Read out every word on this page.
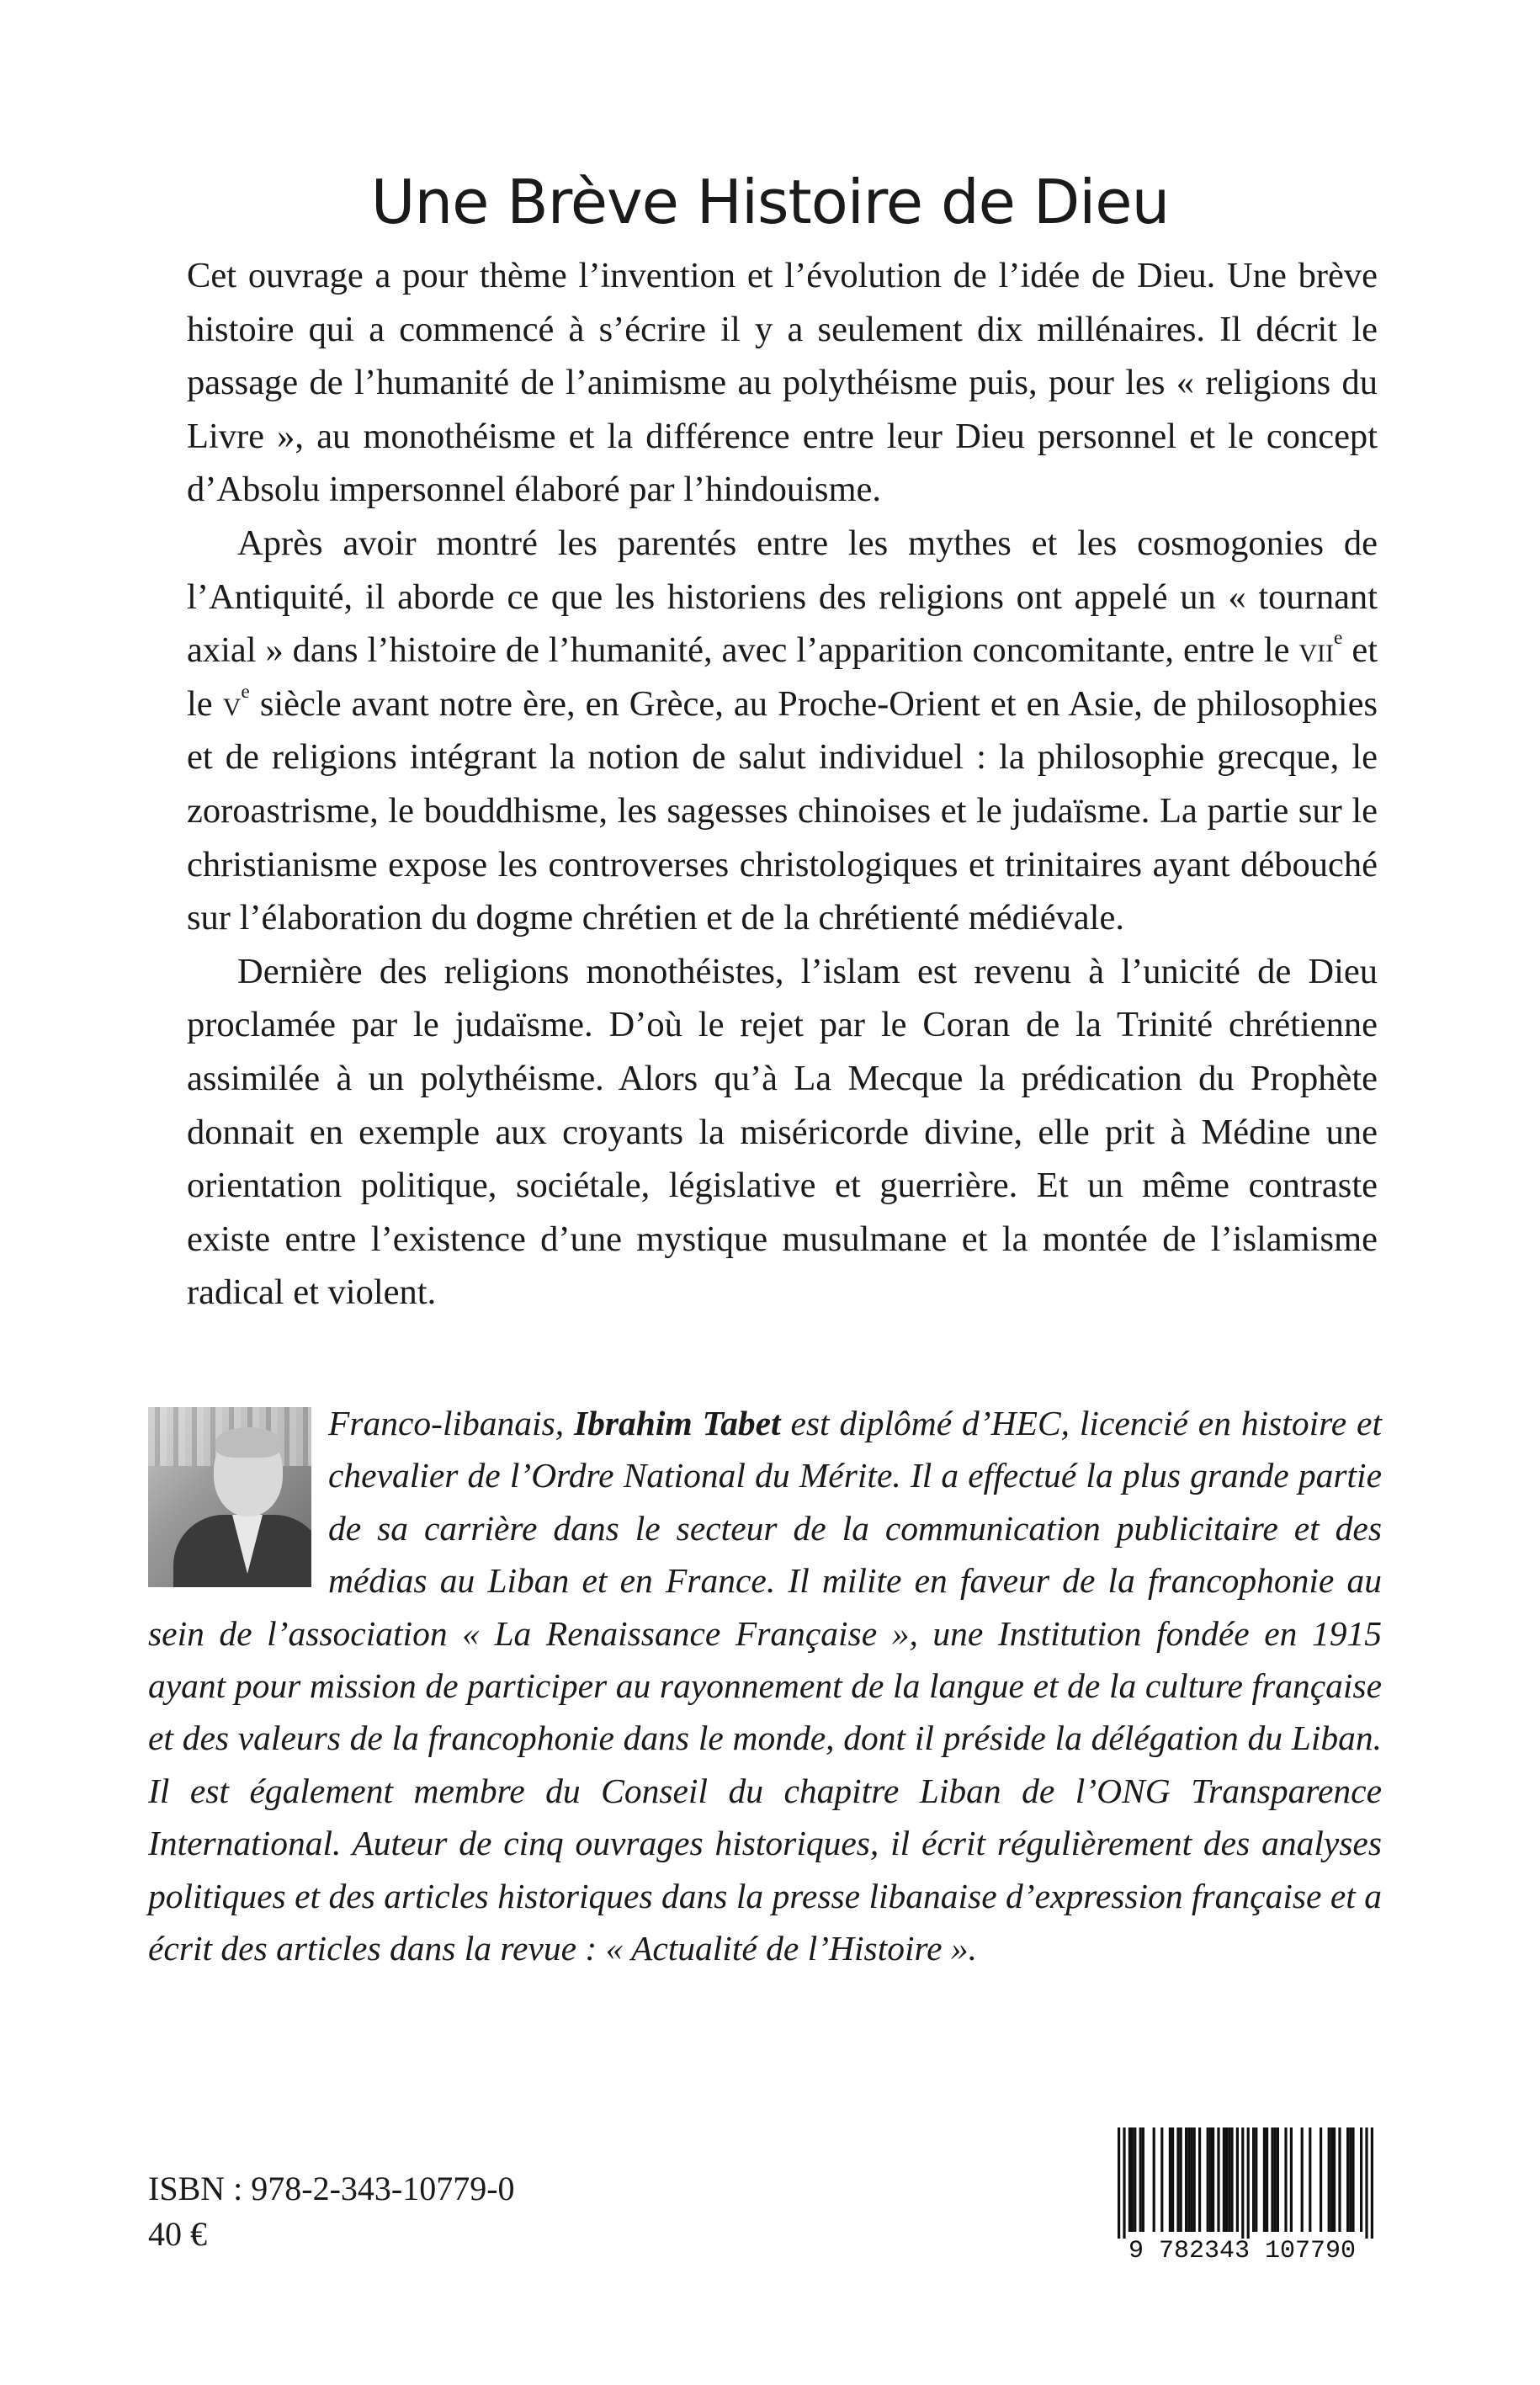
Une Brève Histoire de Dieu

Cet ouvrage a pour thème l’invention et l’évolution de l’idée de Dieu. Une brève histoire qui a commencé à s’écrire il y a seulement dix millénaires. Il décrit le passage de l’humanité de l’animisme au polythéisme puis, pour les « religions du Livre », au monothéisme et la différence entre leur Dieu personnel et le concept d’Absolu impersonnel élaboré par l’hindouisme.

Après avoir montré les parentés entre les mythes et les cosmogonies de l’Antiquité, il aborde ce que les historiens des religions ont appelé un « tournant axial » dans l’histoire de l’humanité, avec l’apparition concomitante, entre le vii$^e$ et le $v^e$ siècle avant notre ère, en Grèce, au Proche-Orient et en Asie, de philosophies et de religions intégrant la notion de salut individuel : la philosophie grecque, le zoroastrisme, le bouddhisme, les sagesses chinoises et le judaïsme. La partie sur le christianisme expose les controverses christologiques et trinitaires ayant débouché sur l’élaboration du dogme chrétien et de la chrétienté médiévale.

Dernière des religions monothéistes, l’islam est revenu à l’unicité de Dieu proclamée par le judaïsme. D’où le rejet par le Coran de la Trinité chrétienne assimilée à un polythéisme. Alors qu’à La Mecque la prédication du Prophète donnait en exemple aux croyants la miséricorde divine, elle prit à Médine une orientation politique, sociétale, législative et guerrière. Et un même contraste existe entre l’existence d’une mystique musulmane et la montée de l’islamisme radical et violent.

Franco-libanais, Ibrahim Tabet est diplômé d’HEC, licencié en histoire et chevalier de l’Ordre National du Mérite. Il a effectué la plus grande partie de sa carrière dans le secteur de la communication publicitaire et des médias au Liban et en France. Il milite en faveur de la francophonie au sein de l’association « La Renaissance Française », une Institution fondée en 1915 ayant pour mission de participer au rayonnement de la langue et de la culture française et des valeurs de la francophonie dans le monde, dont il préside la délégation du Liban. Il est également membre du Conseil du chapitre Liban de l’ONG Transparence International. Auteur de cinq ouvrages historiques, il écrit régulièrement des analyses politiques et des articles historiques dans la presse libanaise d’expression française et a écrit des articles dans la revue : « Actualité de l’Histoire ».

ISBN : 978-2-343-10779-0
40 €	9 782343 107790
